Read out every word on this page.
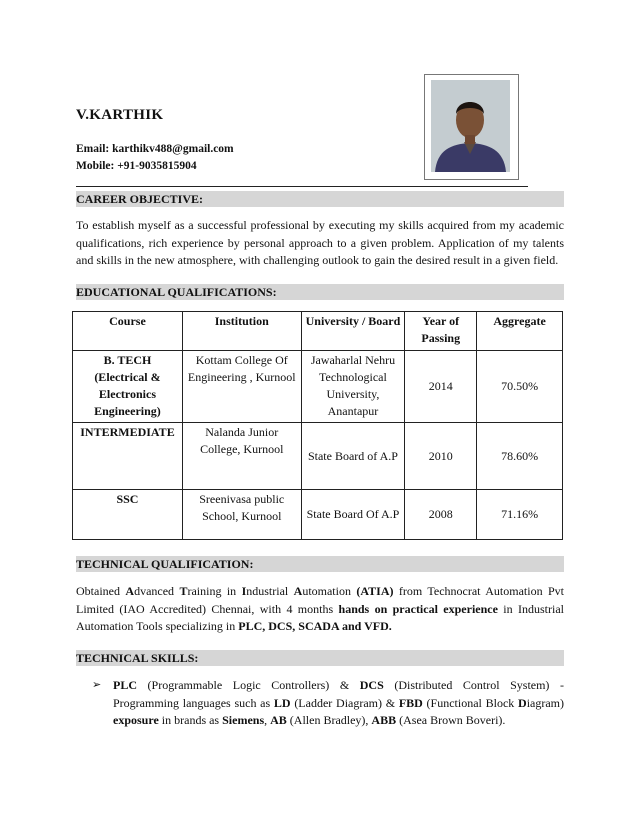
V.KARTHIK
Email: karthikv488@gmail.com
Mobile: +91-9035815904
CAREER OBJECTIVE:
To establish myself as a successful professional by executing my skills acquired from my academic qualifications, rich experience by personal approach to a given problem. Application of my talents and skills in the new atmosphere, with challenging outlook to gain the desired result in a given field.
EDUCATIONAL QUALIFICATIONS:
Course	Institution	University / Board	Year of Passing	Aggregate
B. TECH (Electrical & Electronics Engineering)	Kottam College Of Engineering , Kurnool	Jawaharlal Nehru Technological University, Anantapur	2014	70.50%
INTERMEDIATE	Nalanda Junior College, Kurnool	State Board of A.P	2010	78.60%
SSC	Sreenivasa public School, Kurnool	State Board Of A.P	2008	71.16%
TECHNICAL QUALIFICATION:
Obtained Advanced Training in Industrial Automation (ATIA) from Technocrat Automation Pvt Limited (IAO Accredited) Chennai, with 4 months hands on practical experience in Industrial Automation Tools specializing in PLC, DCS, SCADA and VFD.
TECHNICAL SKILLS:
➢ PLC (Programmable Logic Controllers) & DCS (Distributed Control System) - Programming languages such as LD (Ladder Diagram) & FBD (Functional Block Diagram) exposure in brands as Siemens, AB (Allen Bradley), ABB (Asea Brown Boveri).
